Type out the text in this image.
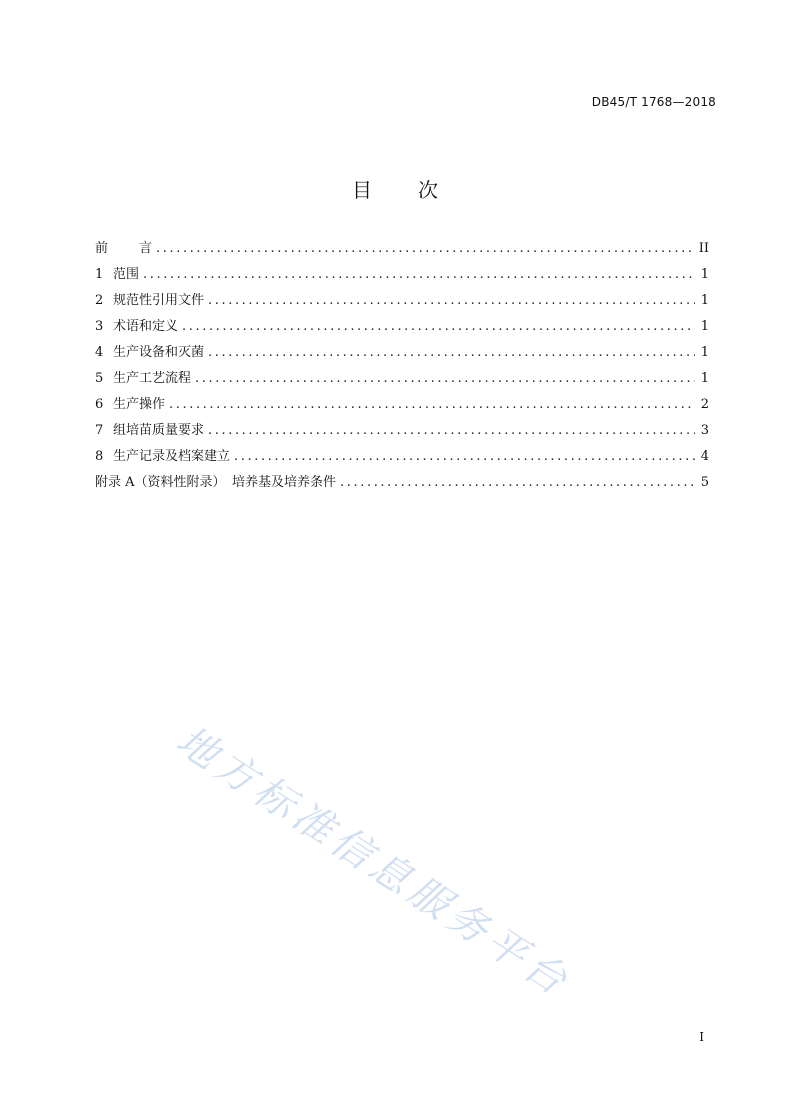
DB45/T 1768—2018
目　　次
前　　言 .....	II
1 范围 .....	1
2 规范性引用文件 .....	1
3 术语和定义 .....	1
4 生产设备和灭菌 .....	1
5 生产工艺流程 .....	1
6 生产操作 .....	2
7 组培苗质量要求 .....	3
8 生产记录及档案建立 .....	4
附录 A（资料性附录）　培养基及培养条件 .....	5
地方标准信息服务平台
I
